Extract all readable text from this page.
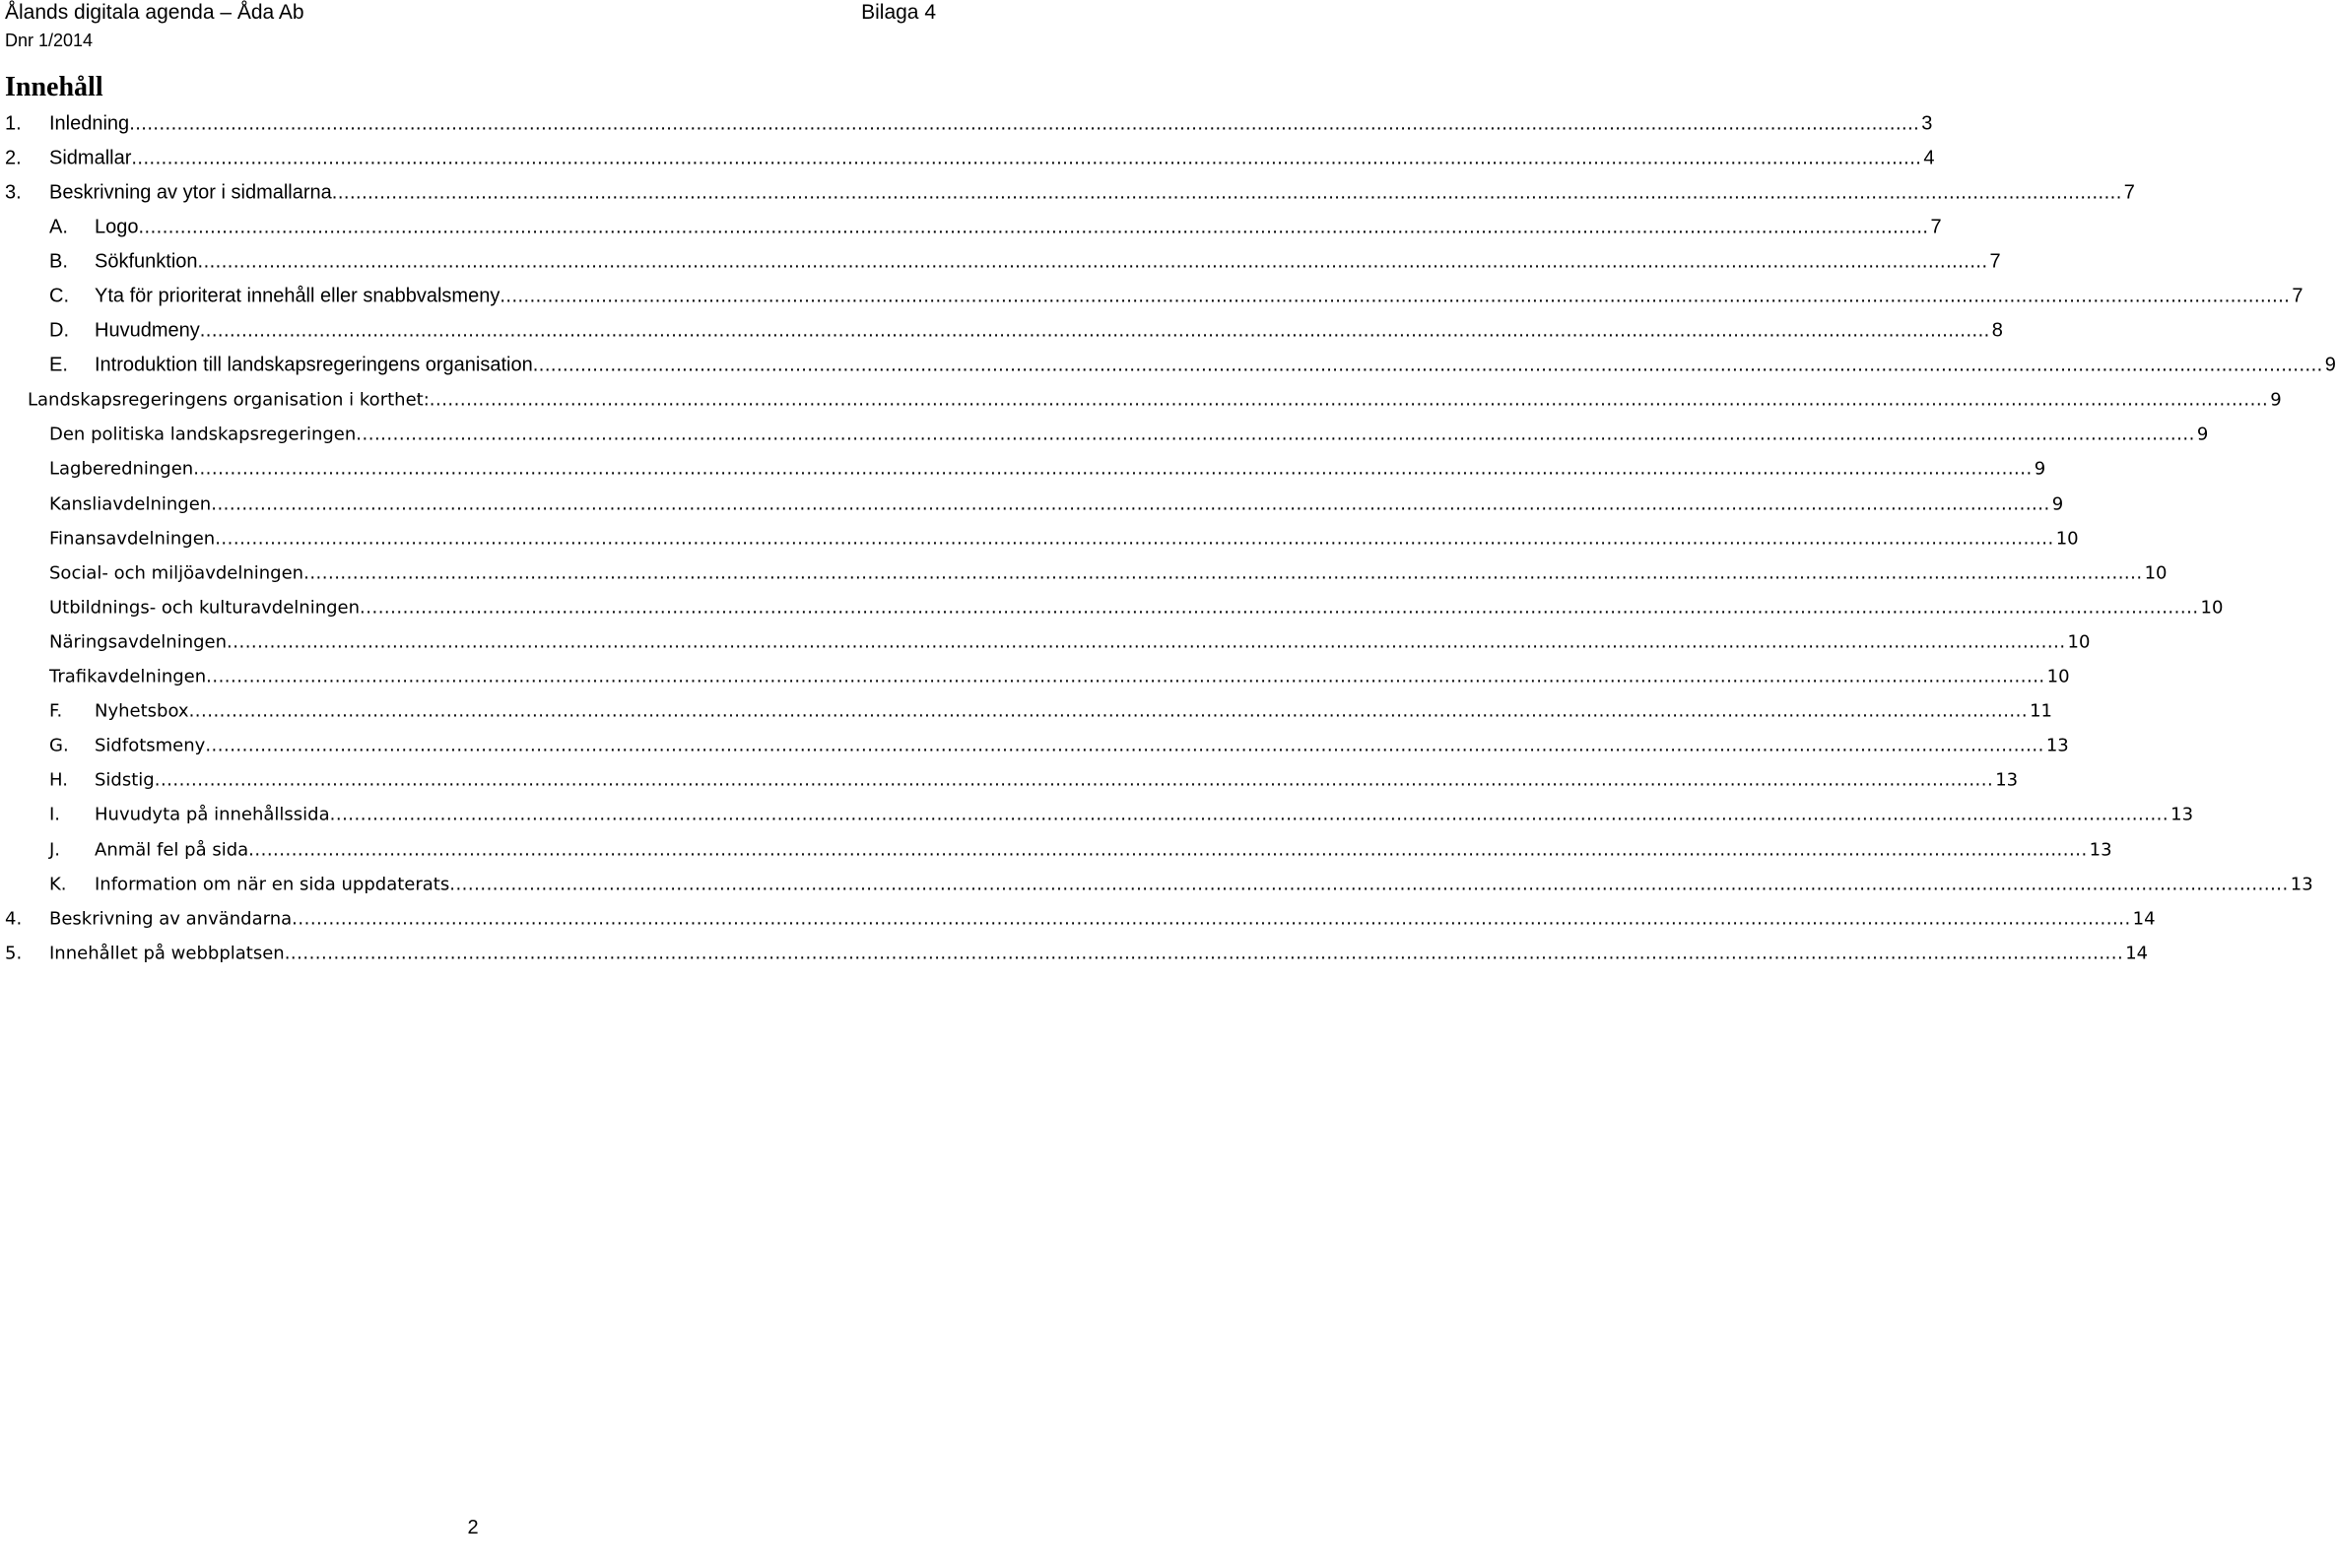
Ålands digitala agenda – Åda Ab
Dnr 1/2014
Bilaga 4
Innehåll
1. Inledning ............................................................................................................................................................................................................................................................................................................ 3
2. Sidmallar ............................................................................................................................................................................................................................................................................................................ 4
3. Beskrivning av ytor i sidmallarna ............................................................................................................................................................................................................................................................................................................ 7
A. Logo ............................................................................................................................................................................................................................................................................................................ 7
B. Sökfunktion ............................................................................................................................................................................................................................................................................................................ 7
C. Yta för prioriterat innehåll eller snabbvalsmeny ............................................................................................................................................................................................................................................................................................................ 7
D. Huvudmeny ............................................................................................................................................................................................................................................................................................................ 8
E. Introduktion till landskapsregeringens organisation ............................................................................................................................................................................................................................................................................................................ 9
Landskapsregeringens organisation i korthet: ............................................................................................................................................................................................................................................................................................................ 9
Den politiska landskapsregeringen ............................................................................................................................................................................................................................................................................................................ 9
Lagberedningen ............................................................................................................................................................................................................................................................................................................ 9
Kansliavdelningen ............................................................................................................................................................................................................................................................................................................ 9
Finansavdelningen ............................................................................................................................................................................................................................................................................................................ 10
Social- och miljöavdelningen ............................................................................................................................................................................................................................................................................................................ 10
Utbildnings- och kulturavdelningen ............................................................................................................................................................................................................................................................................................................ 10
Näringsavdelningen ............................................................................................................................................................................................................................................................................................................ 10
Trafikavdelningen ............................................................................................................................................................................................................................................................................................................ 10
F. Nyhetsbox ............................................................................................................................................................................................................................................................................................................ 11
G. Sidfotsmeny ............................................................................................................................................................................................................................................................................................................ 13
H. Sidstig ............................................................................................................................................................................................................................................................................................................ 13
I. Huvudyta på innehållssida ............................................................................................................................................................................................................................................................................................................ 13
J. Anmäl fel på sida ............................................................................................................................................................................................................................................................................................................ 13
K. Information om när en sida uppdaterats ............................................................................................................................................................................................................................................................................................................ 13
4. Beskrivning av användarna ............................................................................................................................................................................................................................................................................................................ 14
5. Innehållet på webbplatsen ............................................................................................................................................................................................................................................................................................................ 14
2
